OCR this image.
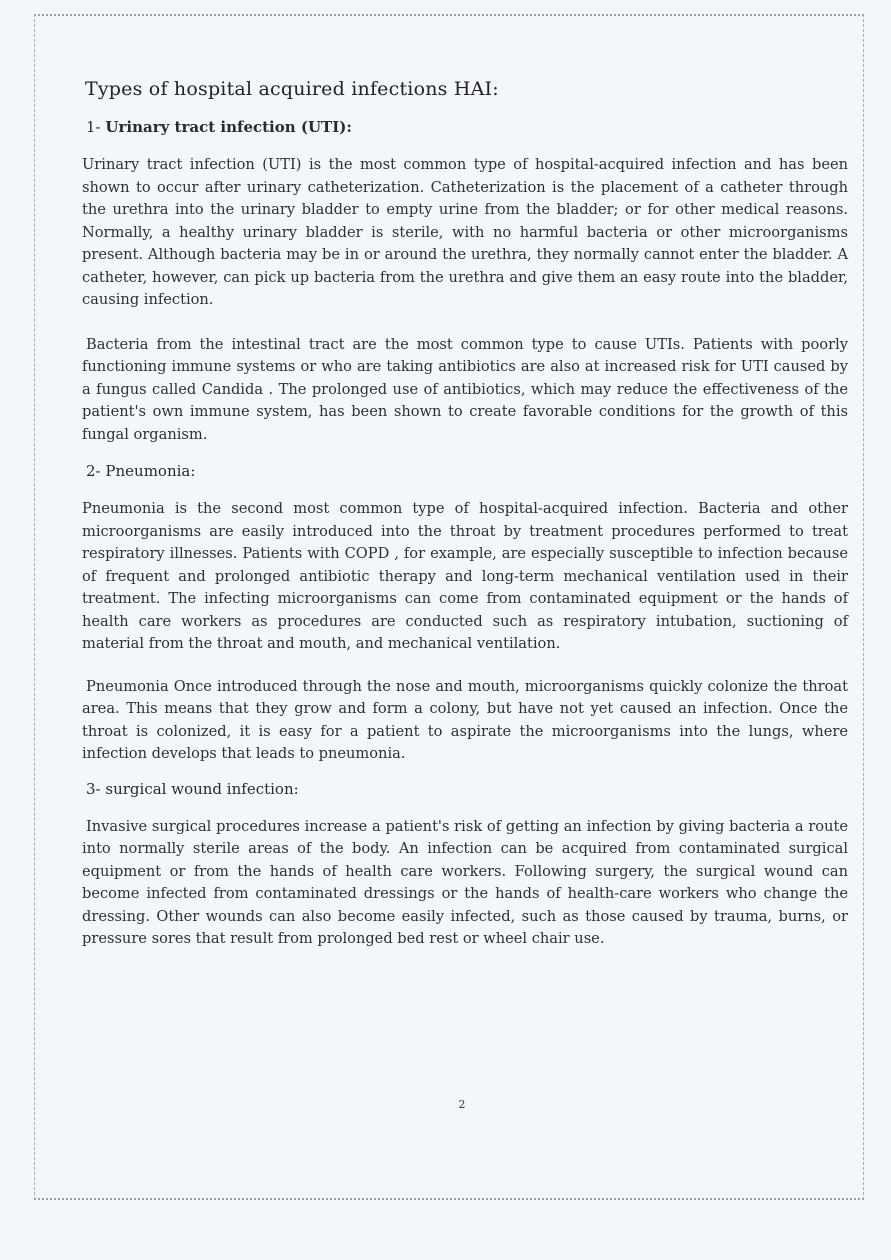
Types of hospital acquired infections HAI:
1- Urinary tract infection (UTI):

Urinary tract infection (UTI) is the most common type of hospital-acquired infection and has been shown to occur after urinary catheterization. Catheterization is the placement of a catheter through the urethra into the urinary bladder to empty urine from the bladder; or for other medical reasons. Normally, a healthy urinary bladder is sterile, with no harmful bacteria or other microorganisms present. Although bacteria may be in or around the urethra, they normally cannot enter the bladder. A catheter, however, can pick up bacteria from the urethra and give them an easy route into the bladder, causing infection.

Bacteria from the intestinal tract are the most common type to cause UTIs. Patients with poorly functioning immune systems or who are taking antibiotics are also at increased risk for UTI caused by a fungus called Candida . The prolonged use of antibiotics, which may reduce the effectiveness of the patient's own immune system, has been shown to create favorable conditions for the growth of this fungal organism.

2- Pneumonia:

Pneumonia is the second most common type of hospital-acquired infection. Bacteria and other microorganisms are easily introduced into the throat by treatment procedures performed to treat respiratory illnesses. Patients with COPD , for example, are especially susceptible to infection because of frequent and prolonged antibiotic therapy and long-term mechanical ventilation used in their treatment. The infecting microorganisms can come from contaminated equipment or the hands of health care workers as procedures are conducted such as respiratory intubation, suctioning of material from the throat and mouth, and mechanical ventilation.

Pneumonia Once introduced through the nose and mouth, microorganisms quickly colonize the throat area. This means that they grow and form a colony, but have not yet caused an infection. Once the throat is colonized, it is easy for a patient to aspirate the microorganisms into the lungs, where infection develops that leads to pneumonia.

3- surgical wound infection:

Invasive surgical procedures increase a patient's risk of getting an infection by giving bacteria a route into normally sterile areas of the body. An infection can be acquired from contaminated surgical equipment or from the hands of health care workers. Following surgery, the surgical wound can become infected from contaminated dressings or the hands of health-care workers who change the dressing. Other wounds can also become easily infected, such as those caused by trauma, burns, or pressure sores that result from prolonged bed rest or wheel chair use.

2
